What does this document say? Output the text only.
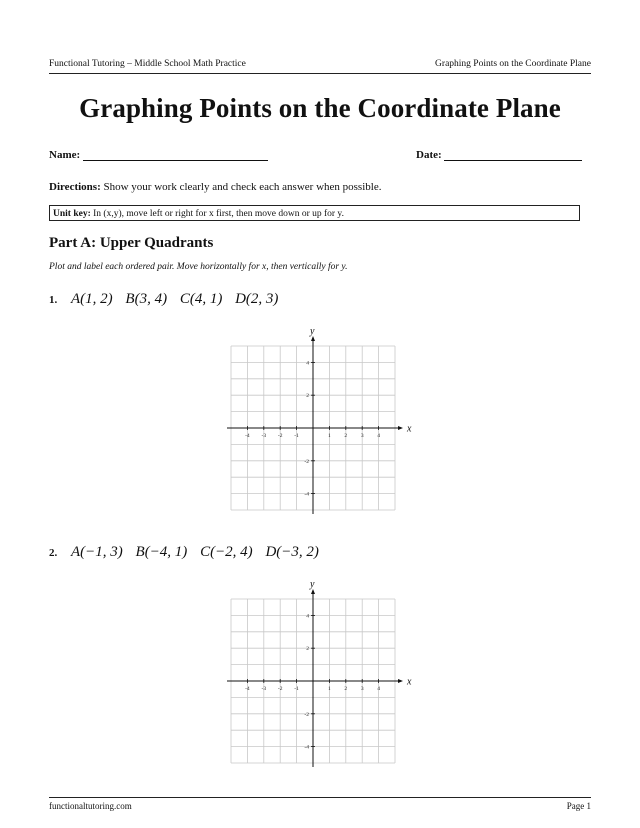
Functional Tutoring – Middle School Math Practice	Graphing Points on the Coordinate Plane
Graphing Points on the Coordinate Plane
Name:	Date:
Directions: Show your work clearly and check each answer when possible.
Unit key: In (x,y), move left or right for x first, then move down or up for y.
Part A: Upper Quadrants
Plot and label each ordered pair. Move horizontally for x, then vertically for y.
1. A(1, 2) B(3, 4) C(4, 1) D(2, 3)
-4 -3 -2 -1	1 2 3 4
4
2
-2
-4
x
y
2. A(−1, 3) B(−4, 1) C(−2, 4) D(−3, 2)
-4 -3 -2 -1	1 2 3 4
4
2
-2
-4
x
y
functionaltutoring.com	Page 1
